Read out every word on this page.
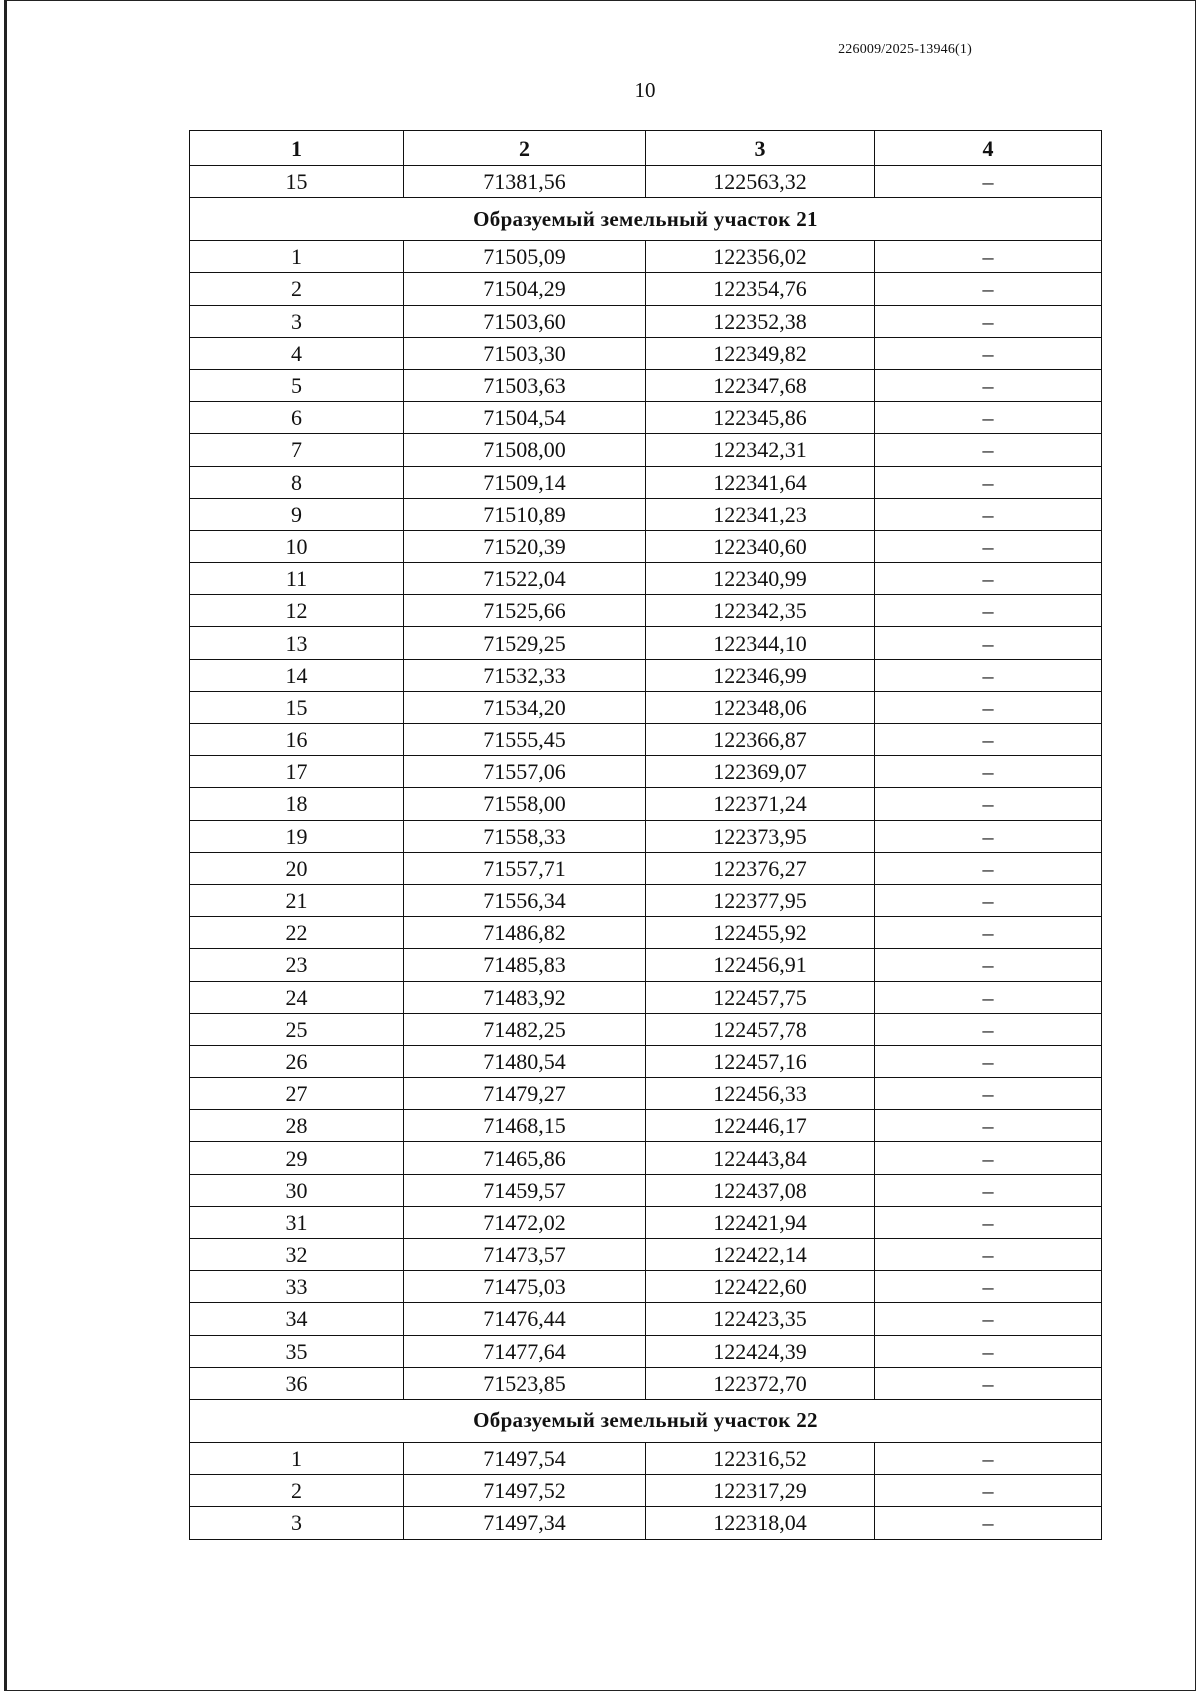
226009/2025-13946(1)
10
1	2	3	4
15	71381,56	122563,32	–
Образуемый земельный участок 21			
1	71505,09	122356,02	–
2	71504,29	122354,76	–
3	71503,60	122352,38	–
4	71503,30	122349,82	–
5	71503,63	122347,68	–
6	71504,54	122345,86	–
7	71508,00	122342,31	–
8	71509,14	122341,64	–
9	71510,89	122341,23	–
10	71520,39	122340,60	–
11	71522,04	122340,99	–
12	71525,66	122342,35	–
13	71529,25	122344,10	–
14	71532,33	122346,99	–
15	71534,20	122348,06	–
16	71555,45	122366,87	–
17	71557,06	122369,07	–
18	71558,00	122371,24	–
19	71558,33	122373,95	–
20	71557,71	122376,27	–
21	71556,34	122377,95	–
22	71486,82	122455,92	–
23	71485,83	122456,91	–
24	71483,92	122457,75	–
25	71482,25	122457,78	–
26	71480,54	122457,16	–
27	71479,27	122456,33	–
28	71468,15	122446,17	–
29	71465,86	122443,84	–
30	71459,57	122437,08	–
31	71472,02	122421,94	–
32	71473,57	122422,14	–
33	71475,03	122422,60	–
34	71476,44	122423,35	–
35	71477,64	122424,39	–
36	71523,85	122372,70	–
Образуемый земельный участок 22			
1	71497,54	122316,52	–
2	71497,52	122317,29	–
3	71497,34	122318,04	–
